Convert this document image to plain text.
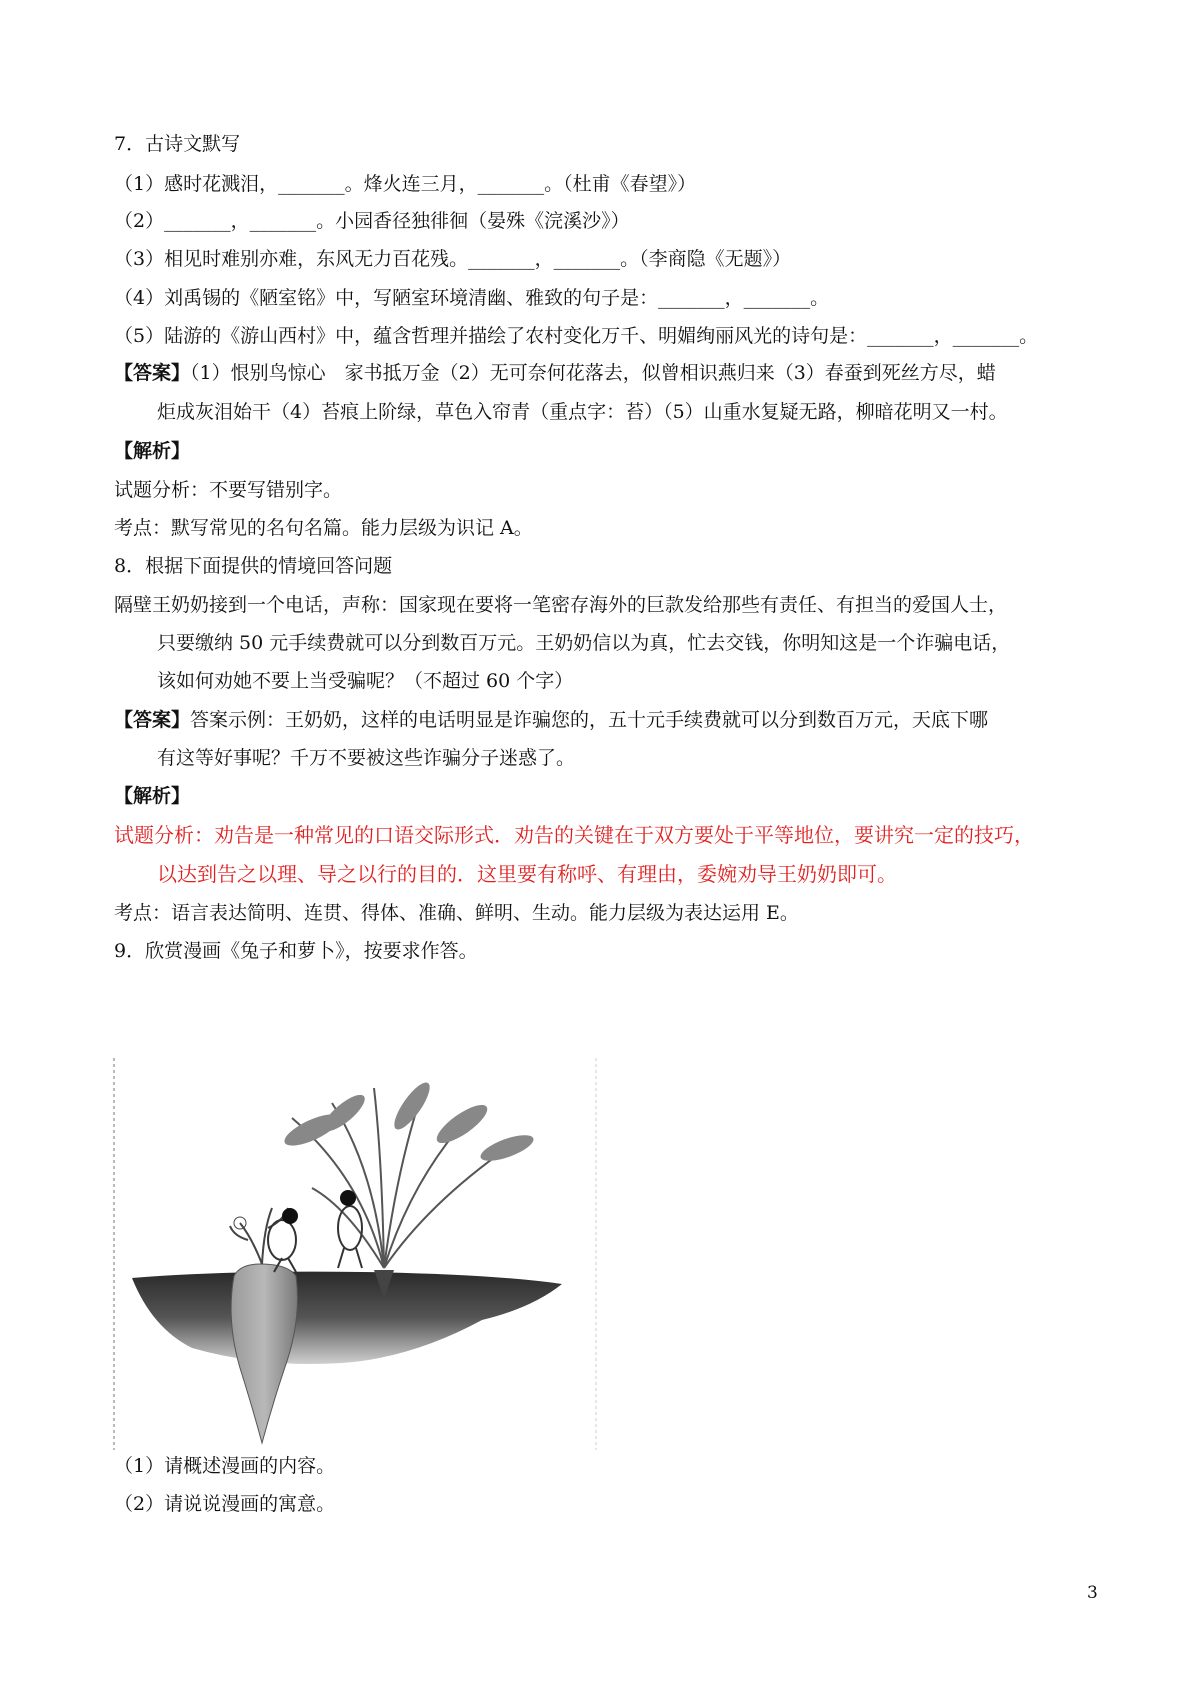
7．古诗文默写
（1）感时花溅泪，_______。烽火连三月，_______。（杜甫《春望》）
（2）_______，_______。小园香径独徘徊（晏殊《浣溪沙》）
（3）相见时难别亦难，东风无力百花残。_______，_______。（李商隐《无题》）
（4）刘禹锡的《陋室铭》中，写陋室环境清幽、雅致的句子是：_______，_______。
（5）陆游的《游山西村》中，蕴含哲理并描绘了农村变化万千、明媚绚丽风光的诗句是：_______，_______。
【答案】（1）恨别鸟惊心　家书抵万金（2）无可奈何花落去，似曾相识燕归来（3）春蚕到死丝方尽，蜡
炬成灰泪始干（4）苔痕上阶绿，草色入帘青（重点字：苔）（5）山重水复疑无路，柳暗花明又一村。
【解析】
试题分析：不要写错别字。
考点：默写常见的名句名篇。能力层级为识记 A。
8．根据下面提供的情境回答问题
隔壁王奶奶接到一个电话，声称：国家现在要将一笔密存海外的巨款发给那些有责任、有担当的爱国人士，
只要缴纳 50 元手续费就可以分到数百万元。王奶奶信以为真，忙去交钱，你明知这是一个诈骗电话，
该如何劝她不要上当受骗呢？（不超过 60 个字）
【答案】答案示例：王奶奶，这样的电话明显是诈骗您的，五十元手续费就可以分到数百万元，天底下哪
有这等好事呢？千万不要被这些诈骗分子迷惑了。
【解析】
试题分析：劝告是一种常见的口语交际形式．劝告的关键在于双方要处于平等地位，要讲究一定的技巧，
以达到告之以理、导之以行的目的．这里要有称呼、有理由，委婉劝导王奶奶即可。
考点：语言表达简明、连贯、得体、准确、鲜明、生动。能力层级为表达运用 E。
9．欣赏漫画《兔子和萝卜》，按要求作答。
（1）请概述漫画的内容。
（2）请说说漫画的寓意。
3
